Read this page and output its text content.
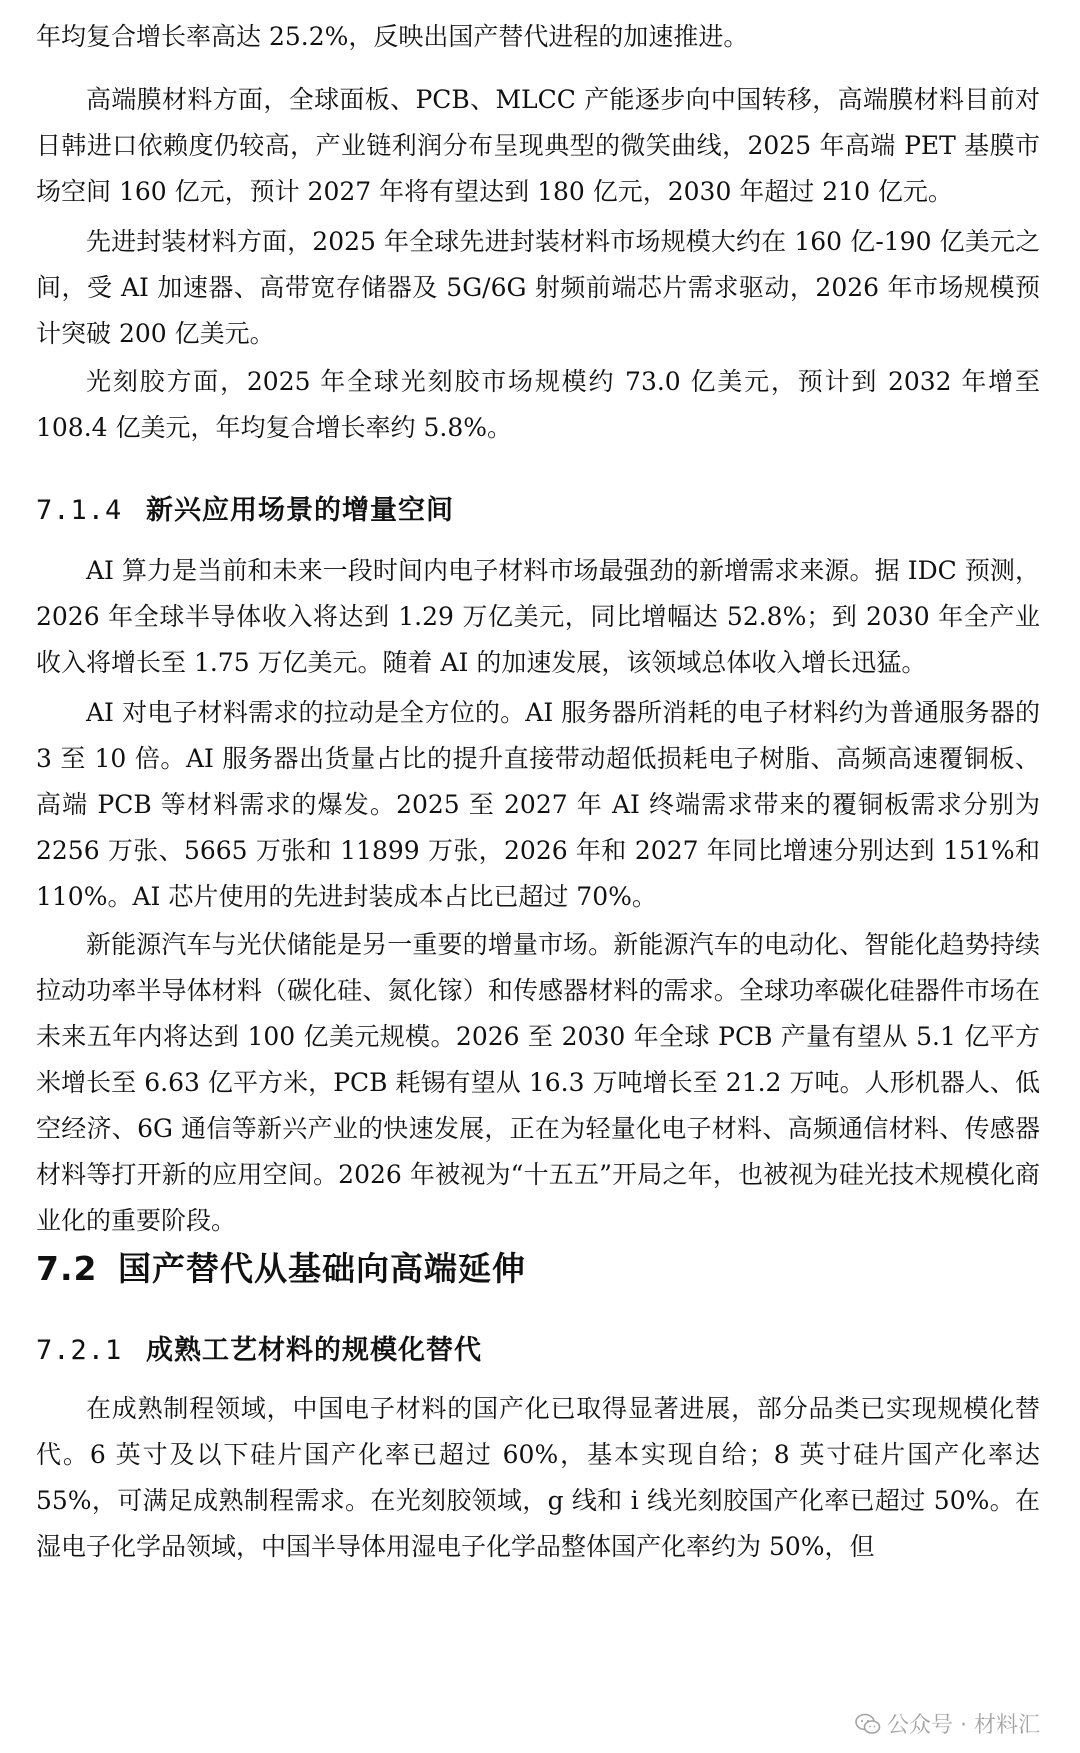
年均复合增长率高达 25.2%，反映出国产替代进程的加速推进。

高端膜材料方面，全球面板、PCB、MLCC 产能逐步向中国转移，高端膜材料目前对日韩进口依赖度仍较高，产业链利润分布呈现典型的微笑曲线，2025 年高端 PET 基膜市场空间 160 亿元，预计 2027 年将有望达到 180 亿元，2030 年超过 210 亿元。

先进封装材料方面，2025 年全球先进封装材料市场规模大约在 160 亿-190 亿美元之间，受 AI 加速器、高带宽存储器及 5G/6G 射频前端芯片需求驱动，2026 年市场规模预计突破 200 亿美元。

光刻胶方面，2025 年全球光刻胶市场规模约 73.0 亿美元，预计到 2032 年增至 108.4 亿美元，年均复合增长率约 5.8%。

7.1.4 新兴应用场景的增量空间

AI 算力是当前和未来一段时间内电子材料市场最强劲的新增需求来源。据 IDC 预测，2026 年全球半导体收入将达到 1.29 万亿美元，同比增幅达 52.8%；到 2030 年全产业收入将增长至 1.75 万亿美元。随着 AI 的加速发展，该领域总体收入增长迅猛。

AI 对电子材料需求的拉动是全方位的。AI 服务器所消耗的电子材料约为普通服务器的 3 至 10 倍。AI 服务器出货量占比的提升直接带动超低损耗电子树脂、高频高速覆铜板、高端 PCB 等材料需求的爆发。2025 至 2027 年 AI 终端需求带来的覆铜板需求分别为 2256 万张、5665 万张和 11899 万张，2026 年和 2027 年同比增速分别达到 151%和 110%。AI 芯片使用的先进封装成本占比已超过 70%。

新能源汽车与光伏储能是另一重要的增量市场。新能源汽车的电动化、智能化趋势持续拉动功率半导体材料（碳化硅、氮化镓）和传感器材料的需求。全球功率碳化硅器件市场在未来五年内将达到 100 亿美元规模。2026 至 2030 年全球 PCB 产量有望从 5.1 亿平方米增长至 6.63 亿平方米，PCB 耗锡有望从 16.3 万吨增长至 21.2 万吨。人形机器人、低空经济、6G 通信等新兴产业的快速发展，正在为轻量化电子材料、高频通信材料、传感器材料等打开新的应用空间。2026 年被视为“十五五”开局之年，也被视为硅光技术规模化商业化的重要阶段。

7.2 国产替代从基础向高端延伸
7.2.1 成熟工艺材料的规模化替代

在成熟制程领域，中国电子材料的国产化已取得显著进展，部分品类已实现规模化替代。6 英寸及以下硅片国产化率已超过 60%，基本实现自给；8 英寸硅片国产化率达 55%，可满足成熟制程需求。在光刻胶领域，g 线和 i 线光刻胶国产化率已超过 50%。在湿电子化学品领域，中国半导体用湿电子化学品整体国产化率约为 50%，但

公众号 · 材料汇
